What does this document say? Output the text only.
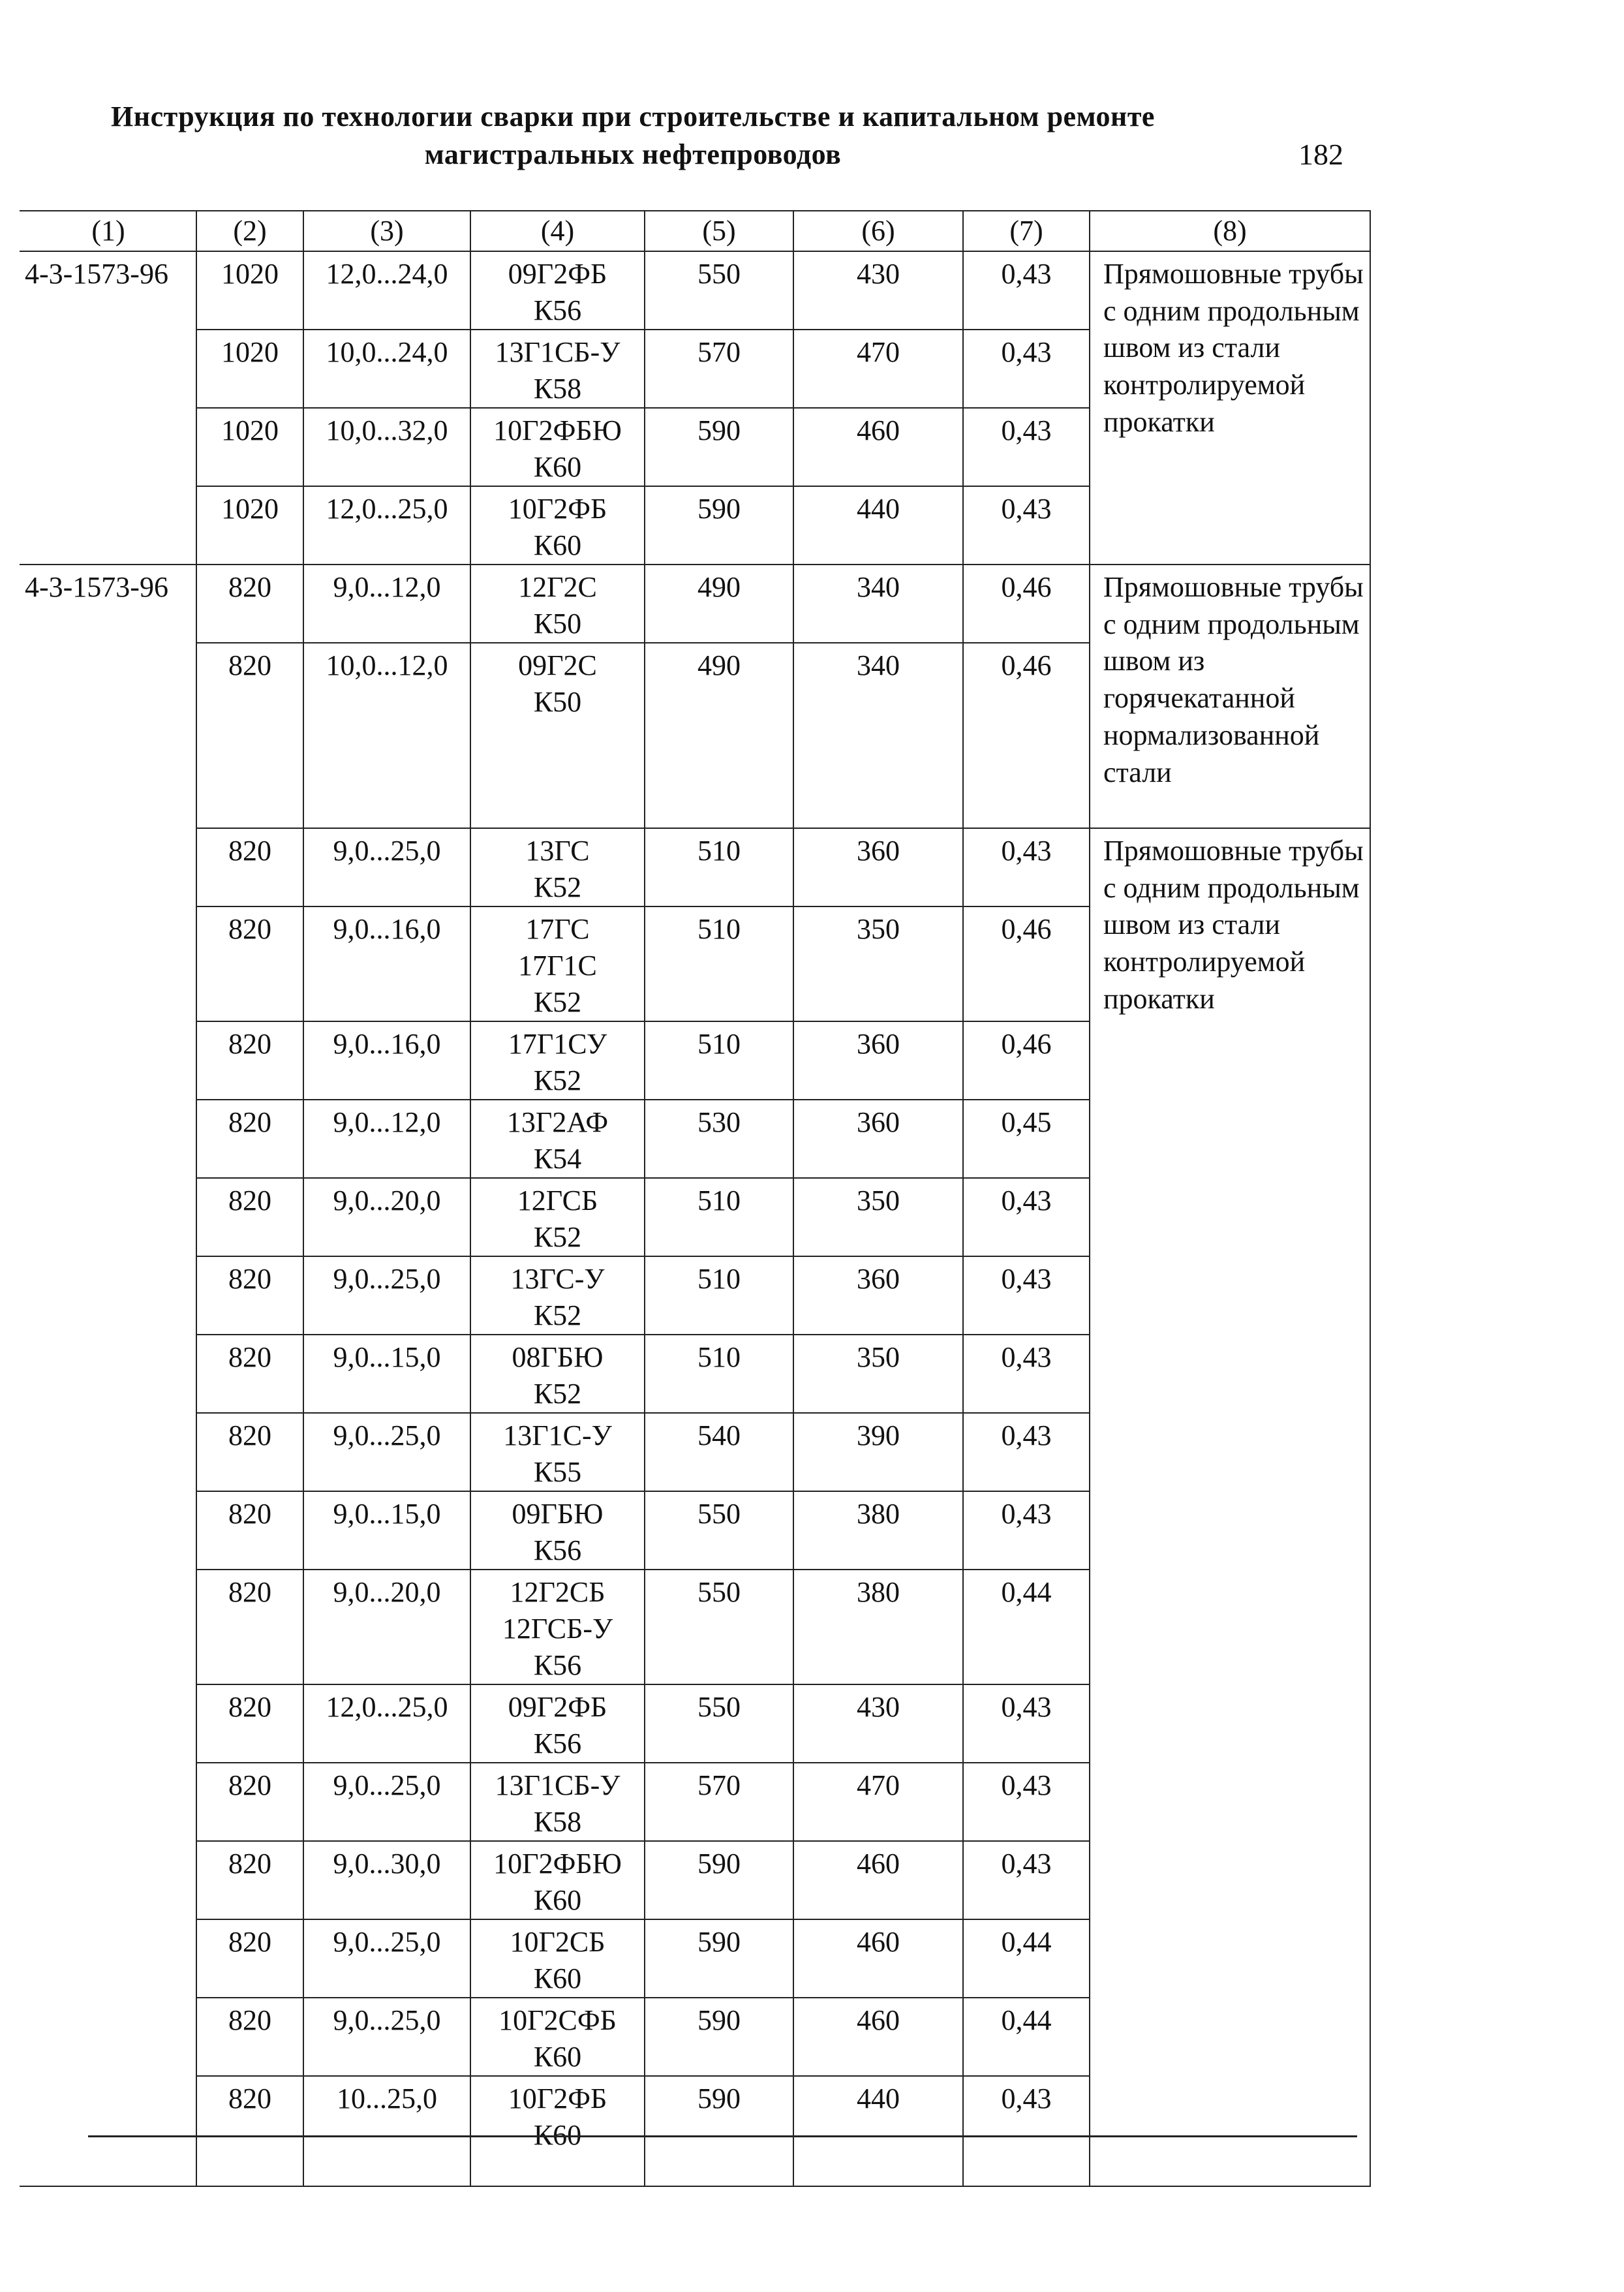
Инструкция по технологии сварки при строительстве и капитальном ремонте
магистральных нефтепроводов	182
(1)	(2)	(3)	(4)	(5)	(6)	(7)	(8)
4-3-1573-96	1020	12,0...24,0	09Г2ФБ
К56	550	430	0,43	Прямошовные трубы с одним продольным швом из стали контролируемой прокатки
	1020	10,0...24,0	13Г1СБ-У
К58	570	470	0,43	
	1020	10,0...32,0	10Г2ФБЮ
К60	590	460	0,43	
	1020	12,0...25,0	10Г2ФБ
К60	590	440	0,43	
4-3-1573-96	820	9,0...12,0	12Г2С
К50	490	340	0,46	Прямошовные трубы с одним продольным швом из горячекатанной нормализованной стали
	820	10,0...12,0	09Г2С
К50	490	340	0,46	
	820	9,0...25,0	13ГС
К52	510	360	0,43	Прямошовные трубы с одним продольным швом из стали контролируемой прокатки
	820	9,0...16,0	17ГС
17Г1С
К52	510	350	0,46	
	820	9,0...16,0	17Г1СУ
К52	510	360	0,46	
	820	9,0...12,0	13Г2АФ
К54	530	360	0,45	
	820	9,0...20,0	12ГСБ
К52	510	350	0,43	
	820	9,0...25,0	13ГС-У
К52	510	360	0,43	
	820	9,0...15,0	08ГБЮ
К52	510	350	0,43	
	820	9,0...25,0	13Г1С-У
К55	540	390	0,43	
	820	9,0...15,0	09ГБЮ
К56	550	380	0,43	
	820	9,0...20,0	12Г2СБ
12ГСБ-У
К56	550	380	0,44	
	820	12,0...25,0	09Г2ФБ
К56	550	430	0,43	
	820	9,0...25,0	13Г1СБ-У
К58	570	470	0,43	
	820	9,0...30,0	10Г2ФБЮ
К60	590	460	0,43	
	820	9,0...25,0	10Г2СБ
К60	590	460	0,44	
	820	9,0...25,0	10Г2СФБ
К60	590	460	0,44	
	820	10...25,0	10Г2ФБ
К60	590	440	0,43	
